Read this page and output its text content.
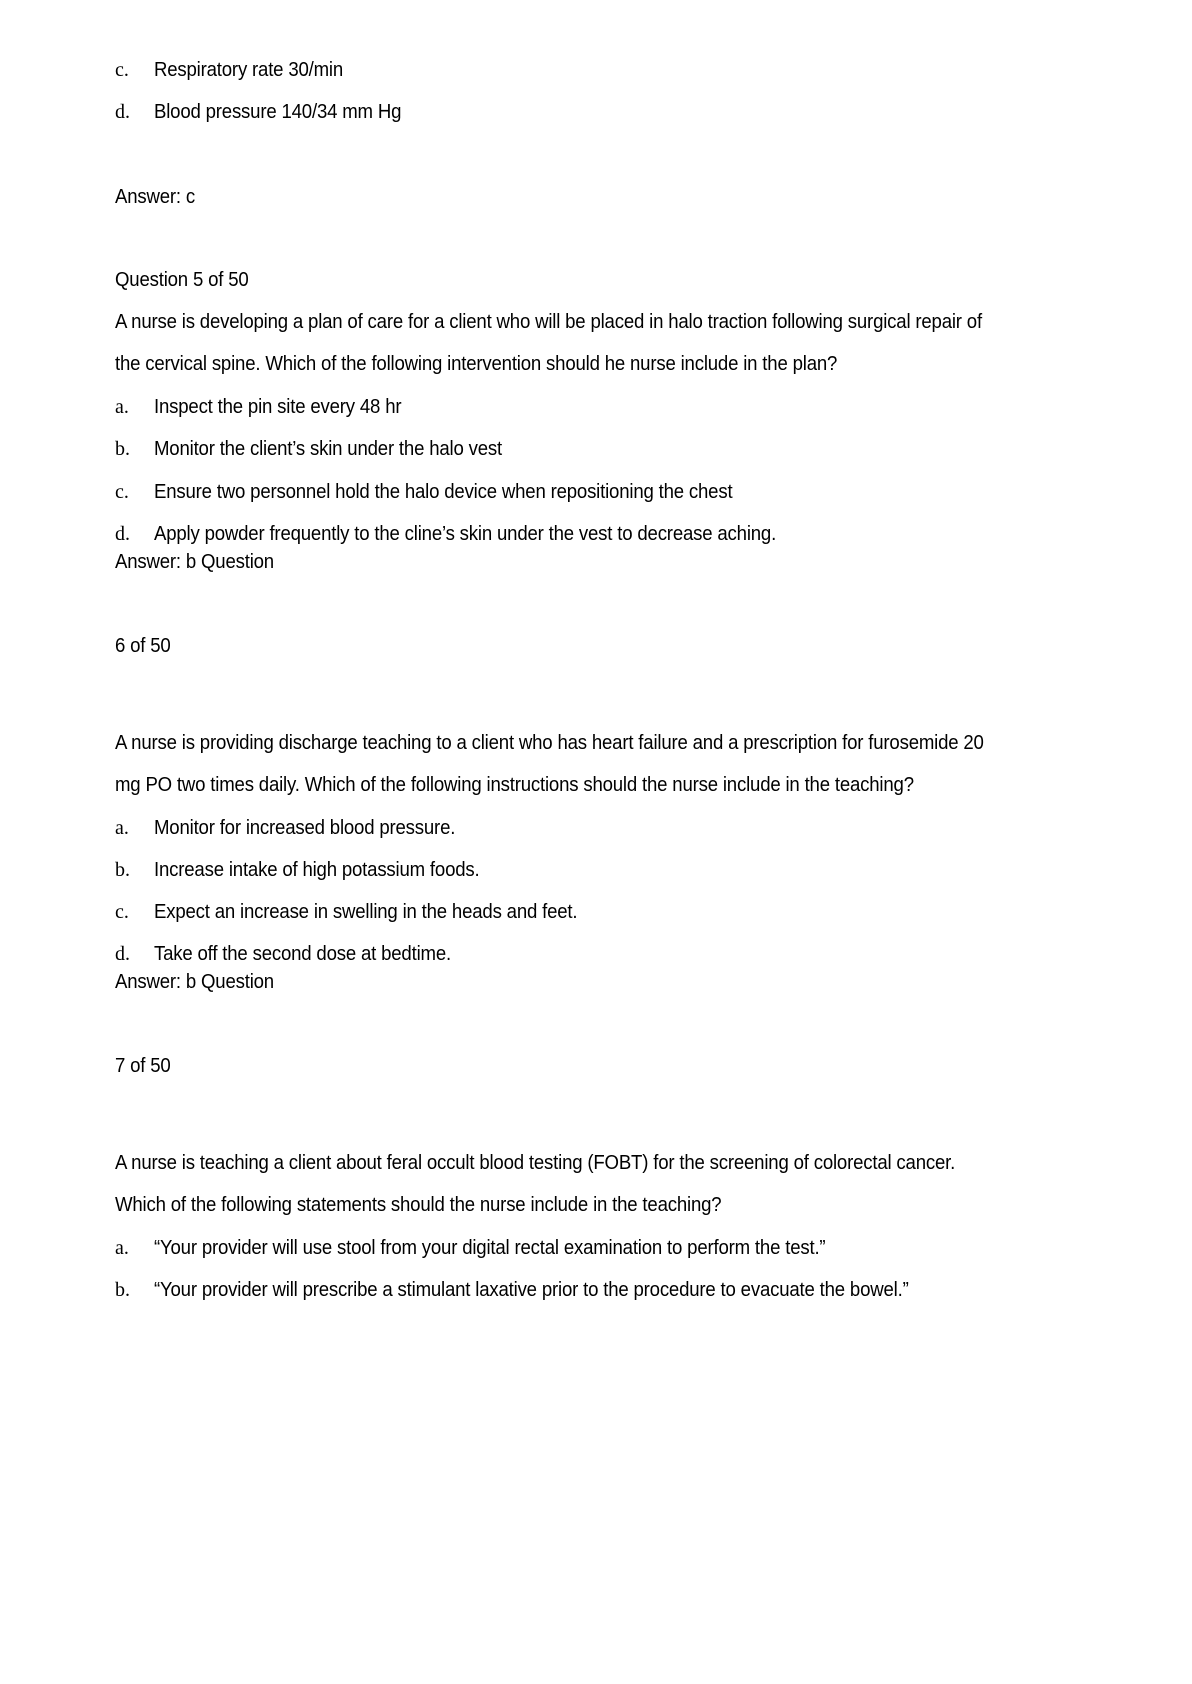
c. Respiratory rate 30/min
d. Blood pressure 140/34 mm Hg
Answer: c
Question 5 of 50
A nurse is developing a plan of care for a client who will be placed in halo traction following surgical repair of
the cervical spine. Which of the following intervention should he nurse include in the plan?
a. Inspect the pin site every 48 hr
b. Monitor the client’s skin under the halo vest
c. Ensure two personnel hold the halo device when repositioning the chest
d. Apply powder frequently to the cline’s skin under the vest to decrease aching.
Answer: b Question
6 of 50
A nurse is providing discharge teaching to a client who has heart failure and a prescription for furosemide 20
mg PO two times daily. Which of the following instructions should the nurse include in the teaching?
a. Monitor for increased blood pressure.
b. Increase intake of high potassium foods.
c. Expect an increase in swelling in the heads and feet.
d. Take off the second dose at bedtime.
Answer: b Question
7 of 50
A nurse is teaching a client about feral occult blood testing (FOBT) for the screening of colorectal cancer.
Which of the following statements should the nurse include in the teaching?
a. “Your provider will use stool from your digital rectal examination to perform the test.”
b. “Your provider will prescribe a stimulant laxative prior to the procedure to evacuate the bowel.”
